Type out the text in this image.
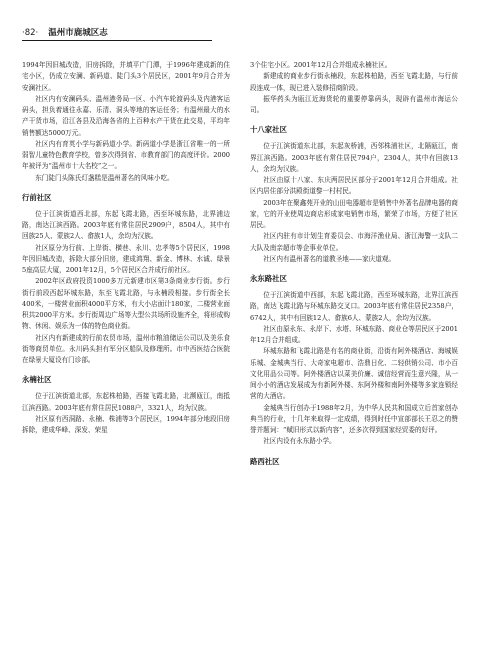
·82· 温州市鹿城区志

1994年因旧城改造，旧房拆除，并填平广门潭，于1996年建成新的住宅小区，仍成立安澜、新码道、陡门头3个居民区，2001年9月合并为安澜社区。

社区内有安澜码头、温州港务局一区、小汽车轮渡码头及内港客运码头，担负着通往永嘉、乐清、洞头等地的客运任务；有温州最大的水产干货市场，沿江各县及沿海各省的上百种水产干货在此交易，平均年销售额达5000万元。

社区内有育英小学与新码道小学。新码道小学是浙江省唯一的一所弱智儿童特色教育学校，曾多次得到省、市教育部门的高度评价。2000年被评为“温州市十大名校”之一。

东门陡门头陈氏灯盏糕是温州著名的风味小吃。

行前社区

位于江滨街道西北部，东起飞霞北路，西至环城东路，北界浦边路，南达江滨西路。2003年底有常住居民2909户，8504人，其中有回族25人、蒙族2人、畲族1人，余均为汉族。

社区原分为行前、上岸街、横巷、永川、忠孝等5个居民区，1998年因旧城改造，拆除大部分旧房，建成鸿翔、新金、博林、水诚、绿景5座高层大厦，2001年12月，5个居民区合并成行前社区。

2002年区政府投资1000多万元新建市区第3条商业步行街。步行街行前段西起环城东路，东至飞霞北路，与永楠段相接。步行街全长400米，一楼营业面积4000平方米，有大小店面计180家，二楼营业面积共2000平方米。步行街周边广场等大型公共场所设施齐全，将形成购物、休闲、娱乐为一体的特色商业街。

社区内有新建成的行前农贸市场，温州市粮油储运公司以及美乐食街等商贸单位。永川码头担有军分区船队及修理所。市中西医结合医院在绿景大厦设有门诊部。

永楠社区

位于江滨街道北部，东起株柏路，西接飞霞北路，北濒瓯江，南抵江滨西路。2003年底有常住居民1088户，3321人，均为汉族。

社区原有西洞路、永楠、株浦等3个居民区，1994年部分地段旧房拆除，建成华峰、深发、荣星

3个住宅小区。2001年12月合并组成永楠社区。

新建成的商业步行街永楠段，东起株柏路，西至飞霞北路，与行前段连成一体，现已进入装修招商阶段。

振华药头为瓯江近海货轮的重要停靠码头，现辟有温州市海运公司。

十八家社区

位于江滨街道东北部，东起灰桥浦，西邻株浦社区，北隔瓯江，南界江滨西路。2003年底有常住居民794户，2304人，其中有回族13人，余均为汉族。

社区由原十八家、东庆两居民区部分于2001年12月合并组成。社区内居住部分洪殿街道黎一村村民。

2003年在聚鑫苑开业的山田电器超市是销售中外著名品牌电器的商家，它的开业使周边商店形成家电销售市场，繁荣了市场，方便了社区居民。

社区内驻有市计划生育委员会、市海洋渔业局、浙江海警一支队二大队及南亲超市等企事业单位。

社区内有温州著名的道教圣地——家庆道观。

永东路社区

位于江滨街道中西部，东起飞霞北路，西至环城东路，北界江滨西路，南达飞霞北路与环城东路交叉口。2003年底有常住居民2358户，6742人，其中有回族12人、畲族6人、蒙族2人，余均为汉族。

社区由原永东、永岸下、水塔、环城东路、商业仓等居民区于2001年12月合并组成。

环城东路和飞霞北路是有名的商业街，沿街有阿外楼酒店、海城娱乐城、金城典当行、大奇家电超市、浩鼎日化、二轻供销公司、市小百文化用品公司等。阿外楼酒店以菜美价廉、诚信经营而生意兴隆，从一间小小的酒店发展成为有新阿外楼、东阿外楼和南阿外楼等多家连锁经营的大酒店。

金城典当行创办于1988年2月，为中华人民共和国成立后首家创办典当的行业，十几年来取得一定成绩，得到时任中宣部部长王忍之的赞誉并题词：“赋旧形式以新内容”，还多次得到国家经贸委的好评。

社区内设有永东路小学。

路西社区
